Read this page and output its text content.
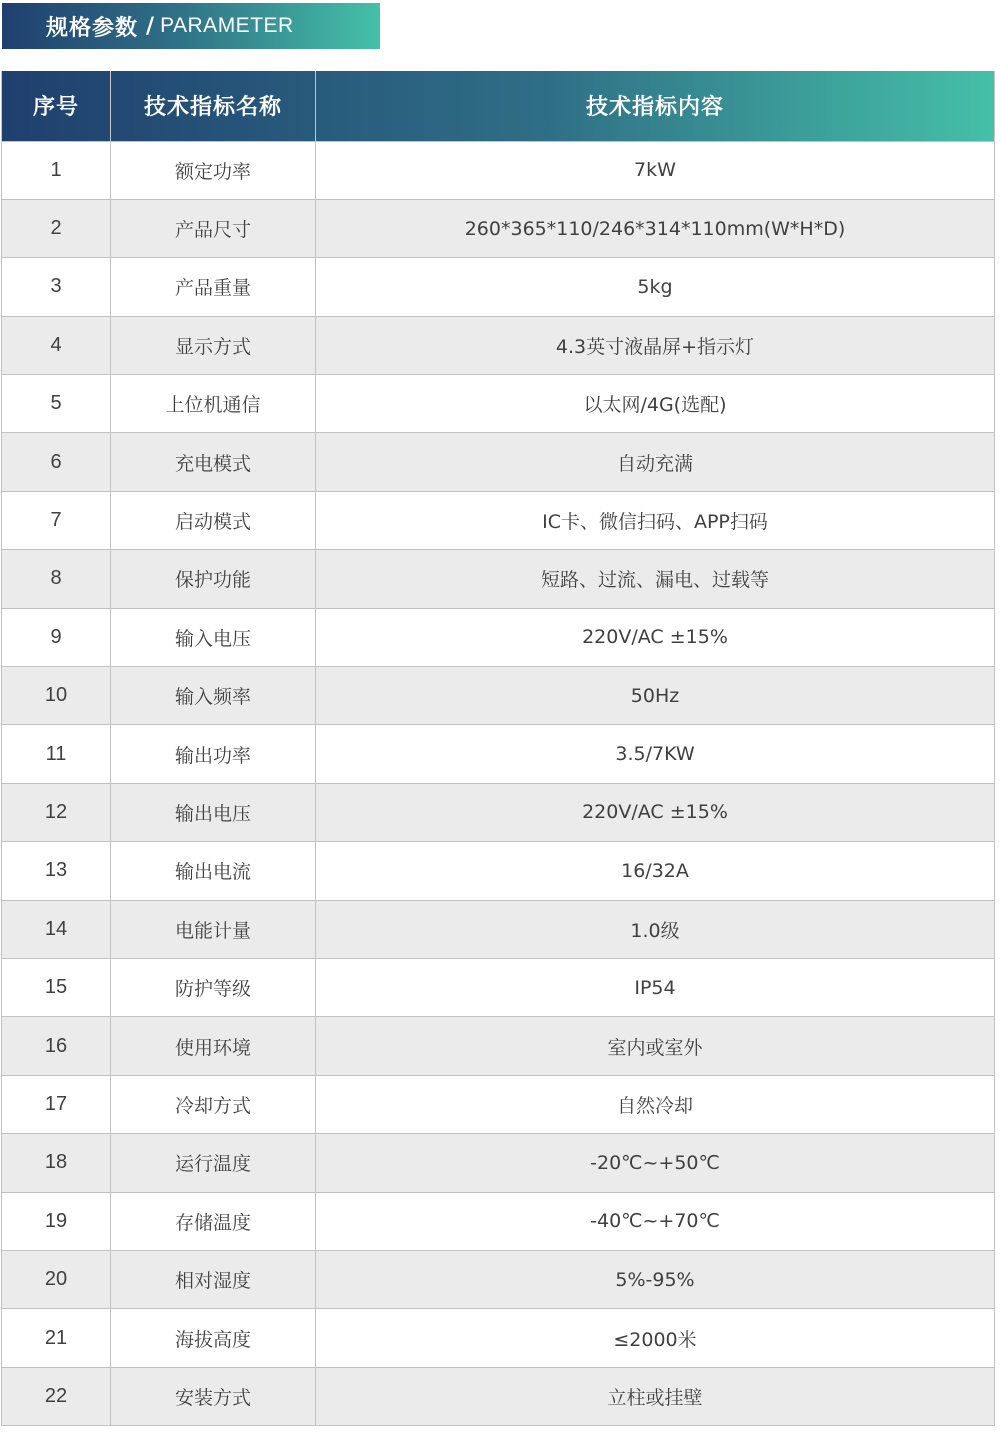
规格参数 / PARAMETER
序号	技术指标名称	技术指标内容
1	额定功率	7kW
2	产品尺寸	260*365*110/246*314*110mm(W*H*D)
3	产品重量	5kg
4	显示方式	4.3英寸液晶屏+指示灯
5	上位机通信	以太网/4G(选配)
6	充电模式	自动充满
7	启动模式	IC卡、微信扫码、APP扫码
8	保护功能	短路、过流、漏电、过载等
9	输入电压	220V/AC ±15%
10	输入频率	50Hz
11	输出功率	3.5/7KW
12	输出电压	220V/AC ±15%
13	输出电流	16/32A
14	电能计量	1.0级
15	防护等级	IP54
16	使用环境	室内或室外
17	冷却方式	自然冷却
18	运行温度	-20℃~+50℃
19	存储温度	-40℃~+70℃
20	相对湿度	5%-95%
21	海拔高度	≤2000米
22	安装方式	立柱或挂壁
